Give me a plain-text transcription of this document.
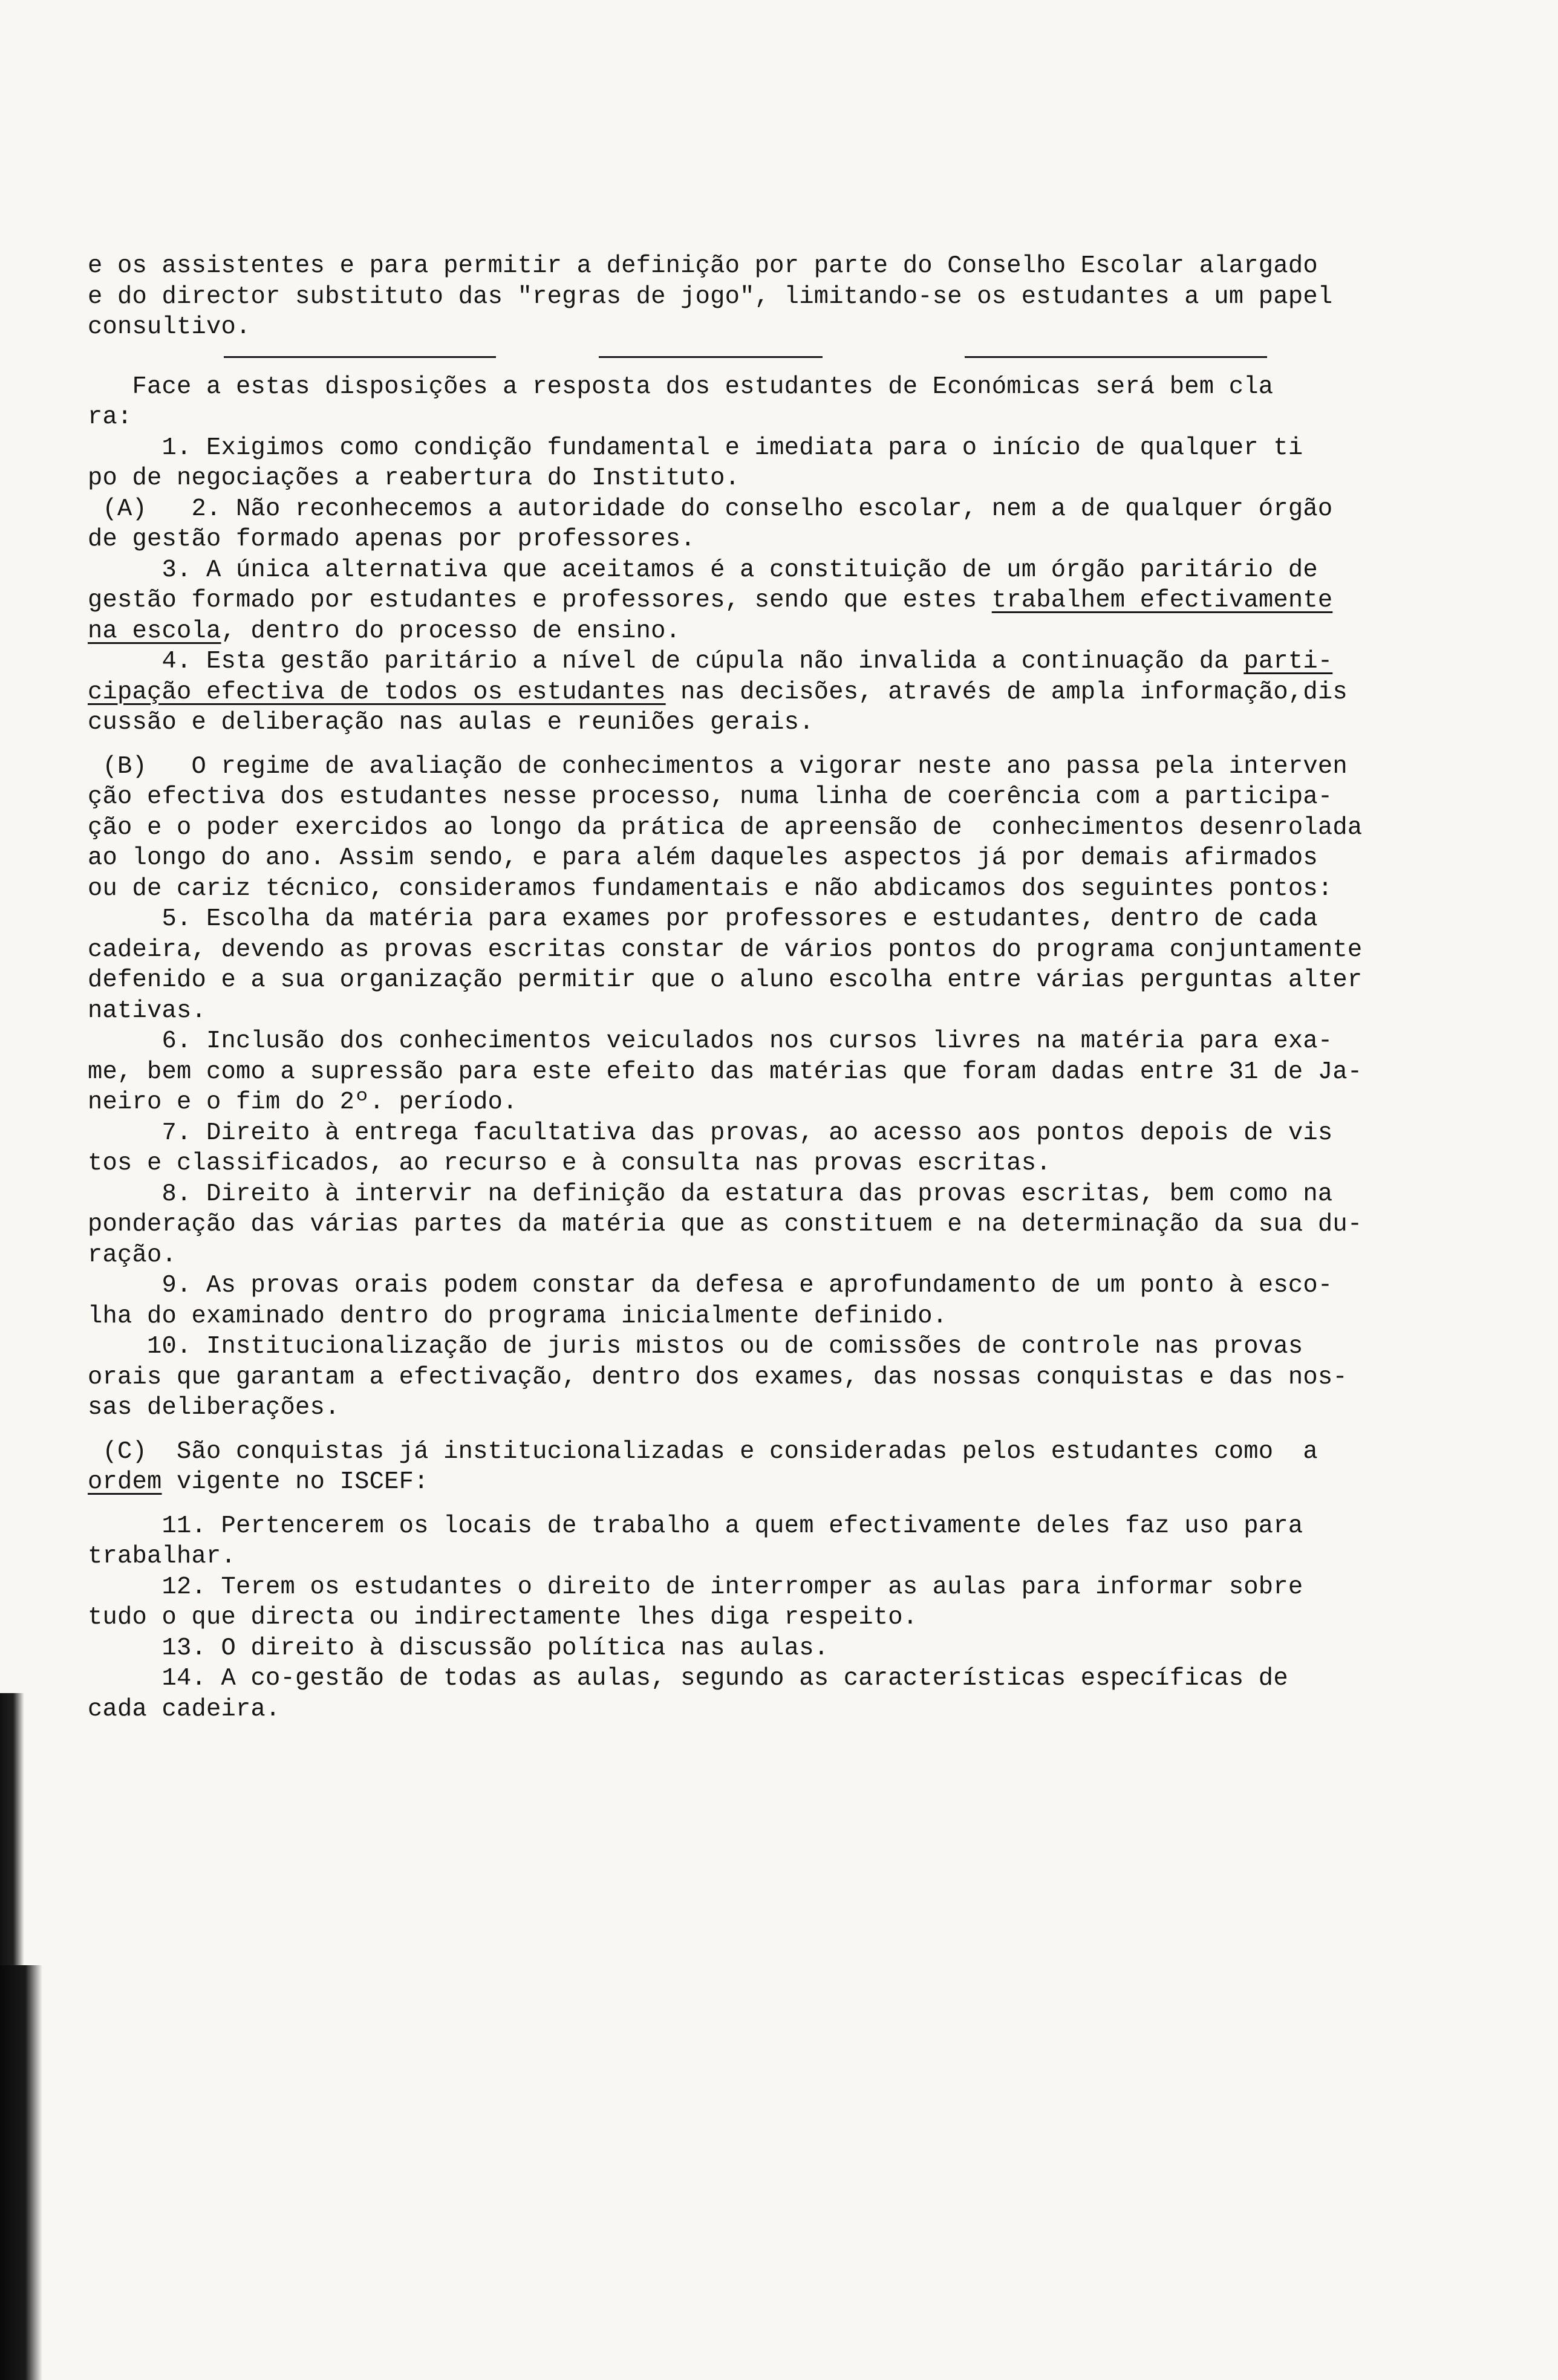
e os assistentes e para permitir a definição por parte do Conselho Escolar alargado
e do director substituto das "regras de jogo", limitando-se os estudantes a um papel
consultivo.
Face a estas disposições a resposta dos estudantes de Económicas será bem cla
ra:
1. Exigimos como condição fundamental e imediata para o início de qualquer ti
po de negociações a reabertura do Instituto.
(A)   2. Não reconhecemos a autoridade do conselho escolar, nem a de qualquer órgão
de gestão formado apenas por professores.
3. A única alternativa que aceitamos é a constituição de um órgão paritário de
gestão formado por estudantes e professores, sendo que estes trabalhem efectivamente
na escola, dentro do processo de ensino.
4. Esta gestão paritário a nível de cúpula não invalida a continuação da parti-
cipação efectiva de todos os estudantes nas decisões, através de ampla informação,dis
cussão e deliberação nas aulas e reuniões gerais.
(B)   O regime de avaliação de conhecimentos a vigorar neste ano passa pela interven
ção efectiva dos estudantes nesse processo, numa linha de coerência com a participa-
ção e o poder exercidos ao longo da prática de apreensão de  conhecimentos desenrolada
ao longo do ano. Assim sendo, e para além daqueles aspectos já por demais afirmados
ou de cariz técnico, consideramos fundamentais e não abdicamos dos seguintes pontos:
5. Escolha da matéria para exames por professores e estudantes, dentro de cada
cadeira, devendo as provas escritas constar de vários pontos do programa conjuntamente
defenido e a sua organização permitir que o aluno escolha entre várias perguntas alter
nativas.
6. Inclusão dos conhecimentos veiculados nos cursos livres na matéria para exa-
me, bem como a supressão para este efeito das matérias que foram dadas entre 31 de Ja-
neiro e o fim do 2º. período.
7. Direito à entrega facultativa das provas, ao acesso aos pontos depois de vis
tos e classificados, ao recurso e à consulta nas provas escritas.
8. Direito à intervir na definição da estatura das provas escritas, bem como na
ponderação das várias partes da matéria que as constituem e na determinação da sua du-
ração.
9. As provas orais podem constar da defesa e aprofundamento de um ponto à esco-
lha do examinado dentro do programa inicialmente definido.
10. Institucionalização de juris mistos ou de comissões de controle nas provas
orais que garantam a efectivação, dentro dos exames, das nossas conquistas e das nos-
sas deliberações.
(C)  São conquistas já institucionalizadas e consideradas pelos estudantes como  a
ordem vigente no ISCEF:
11. Pertencerem os locais de trabalho a quem efectivamente deles faz uso para
trabalhar.
12. Terem os estudantes o direito de interromper as aulas para informar sobre
tudo o que directa ou indirectamente lhes diga respeito.
13. O direito à discussão política nas aulas.
14. A co-gestão de todas as aulas, segundo as características específicas de
cada cadeira.
